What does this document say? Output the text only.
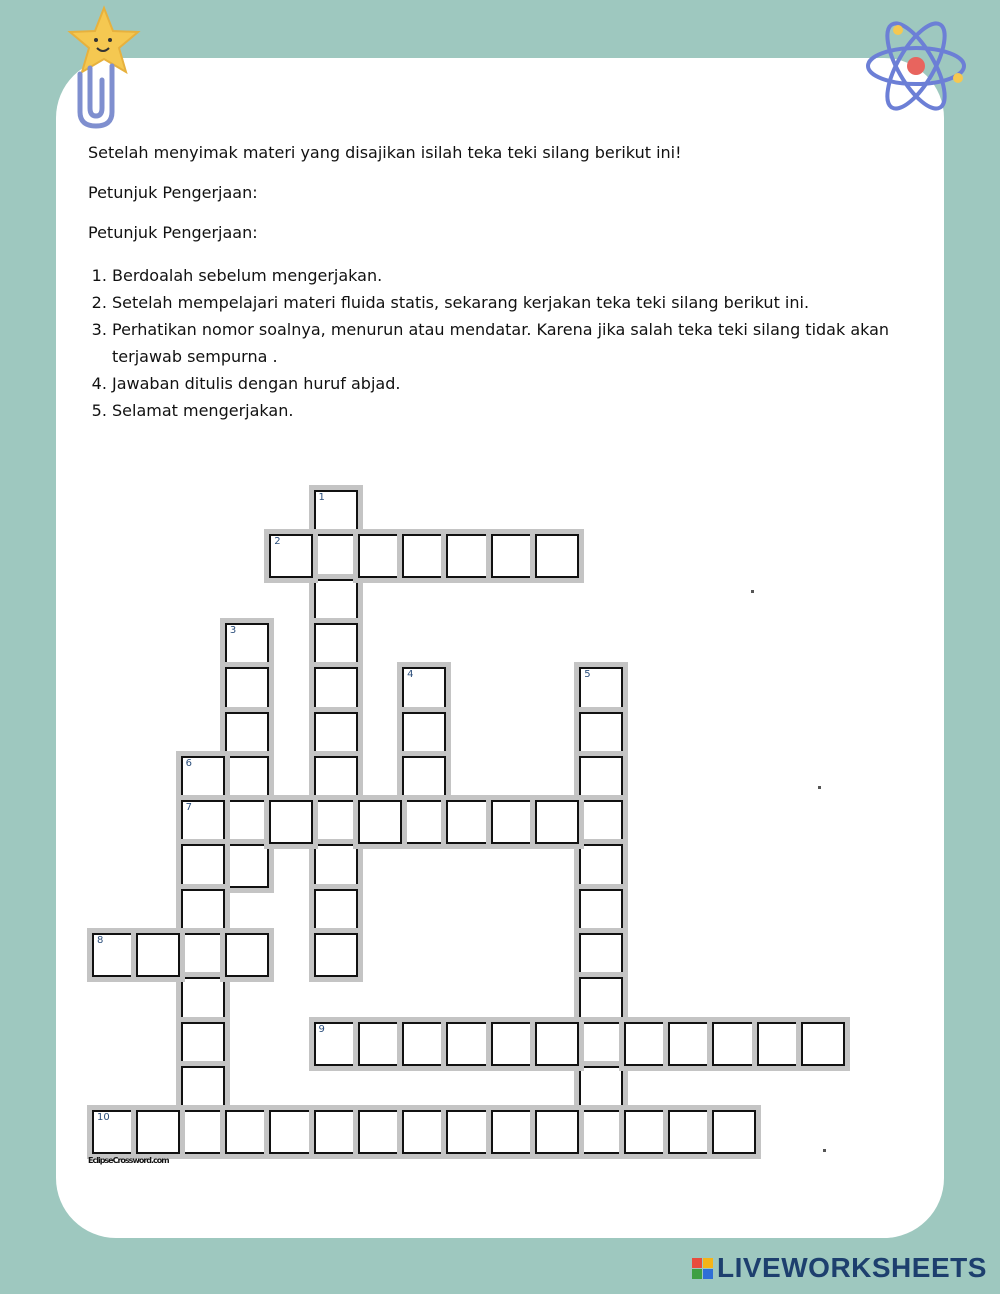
Setelah menyimak materi yang disajikan isilah teka teki silang berikut ini!

Petunjuk Pengerjaan:

Petunjuk Pengerjaan:

1. Berdoalah sebelum mengerjakan.
2. Setelah mempelajari materi fluida statis, sekarang kerjakan teka teki silang berikut ini.
3. Perhatikan nomor soalnya, menurun atau mendatar. Karena jika salah teka teki silang tidak akan terjawab sempurna .
4. Jawaban ditulis dengan huruf abjad.
5. Selamat mengerjakan.
1
2
3
4	5
6
7
8
9
10
EclipseCrossword.com
LIVEWORKSHEETS
